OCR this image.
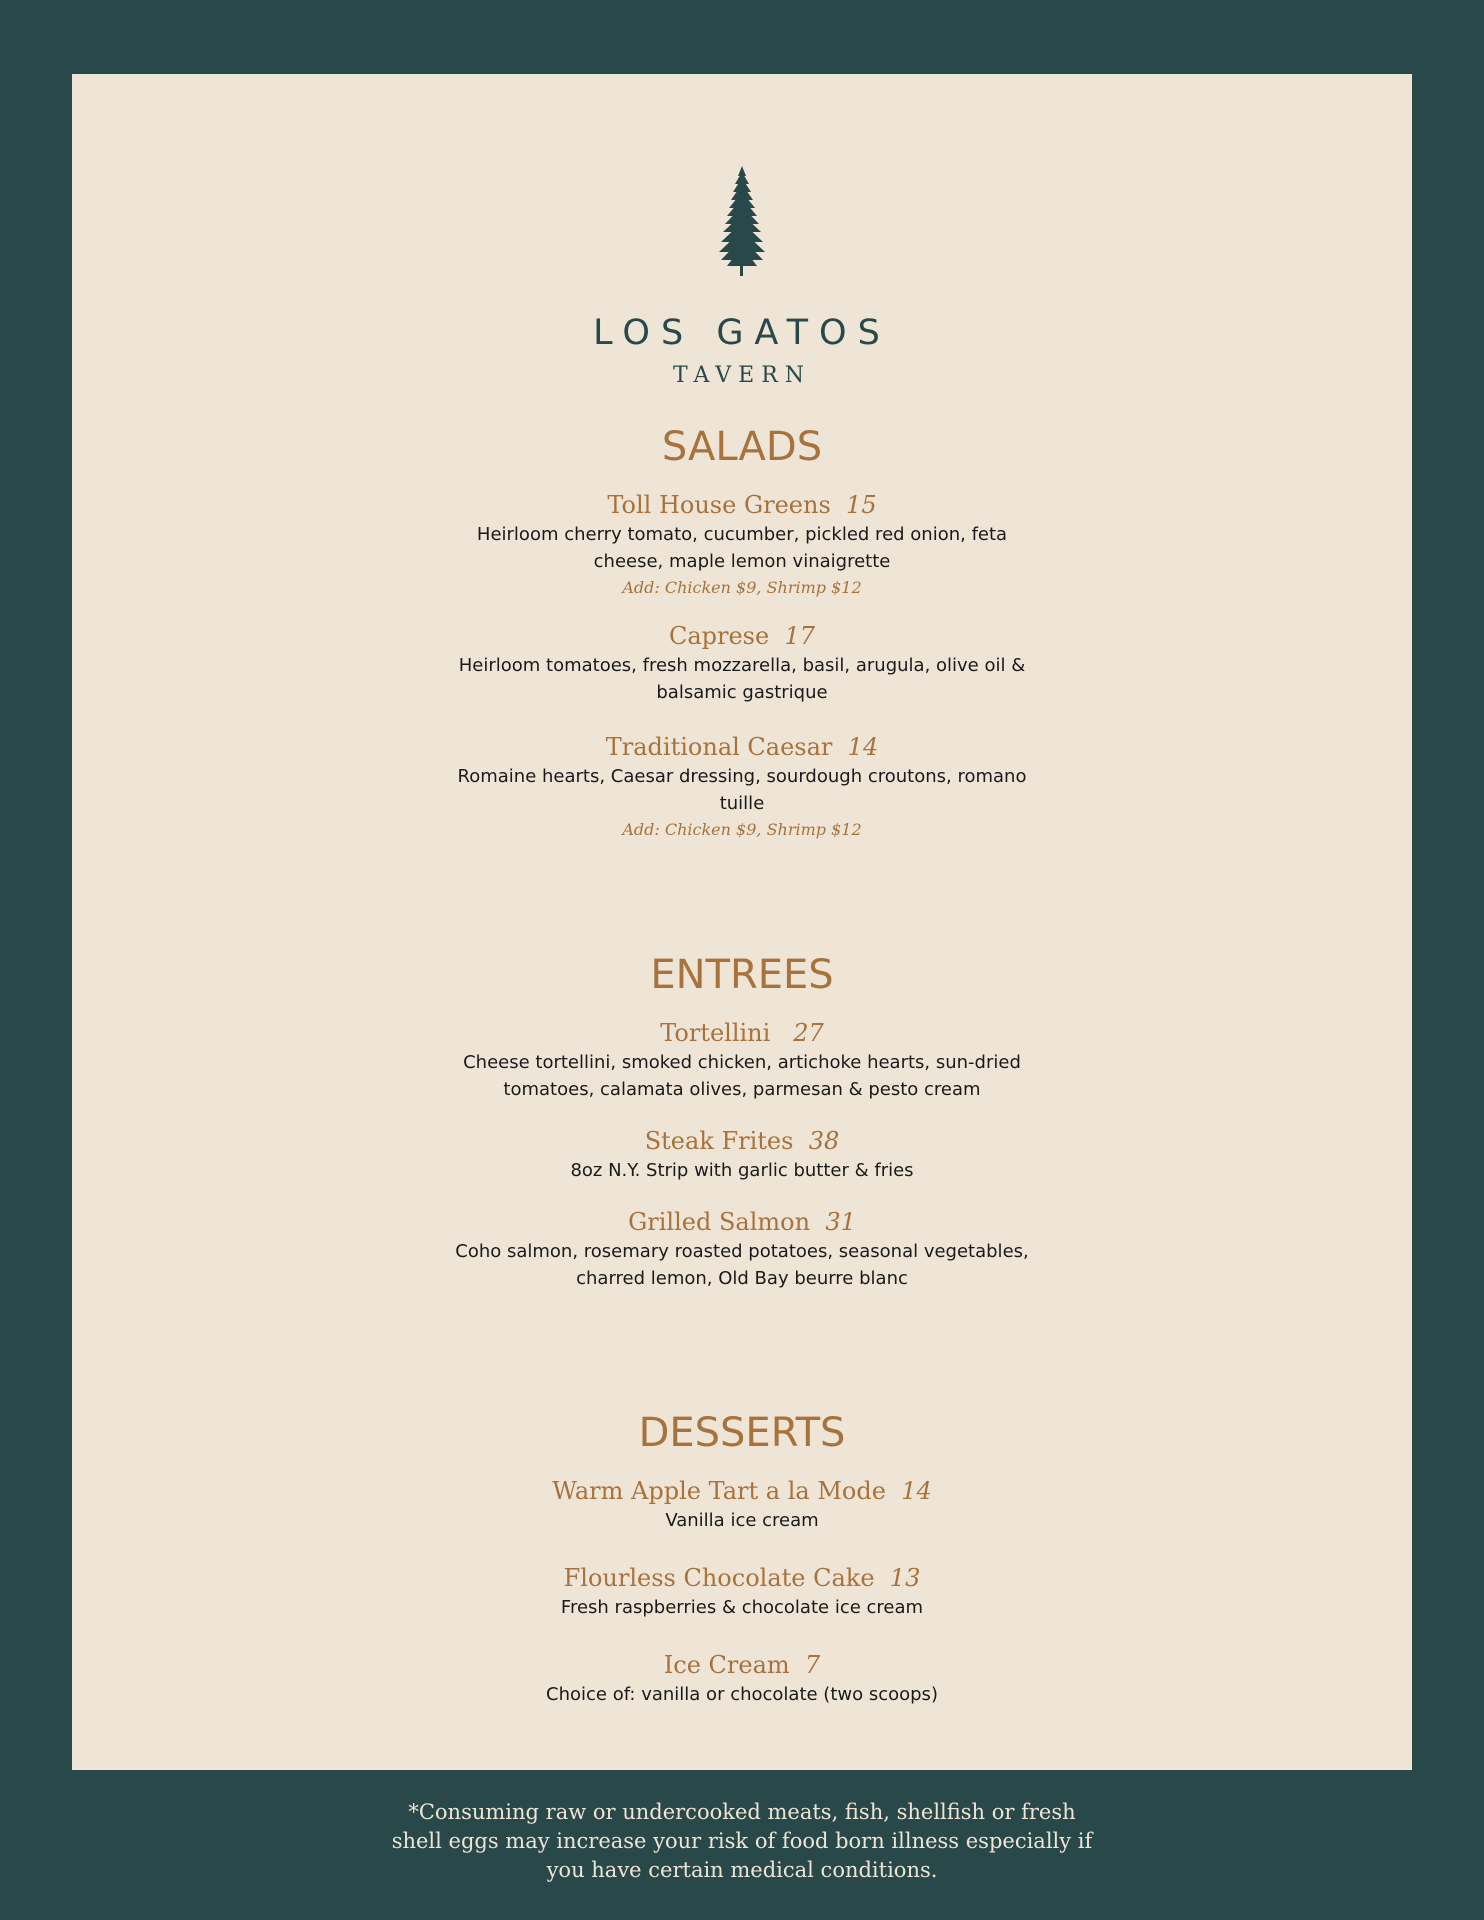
LOS GATOS
TAVERN
SALADS
Toll House Greens 15
Heirloom cherry tomato, cucumber, pickled red onion, feta cheese, maple lemon vinaigrette
Add: Chicken $9, Shrimp $12
Caprese 17
Heirloom tomatoes, fresh mozzarella, basil, arugula, olive oil & balsamic gastrique
Traditional Caesar 14
Romaine hearts, Caesar dressing, sourdough croutons, romano tuille
Add: Chicken $9, Shrimp $12
ENTREES
Tortellini 27
Cheese tortellini, smoked chicken, artichoke hearts, sun-dried tomatoes, calamata olives, parmesan & pesto cream
Steak Frites 38
8oz N.Y. Strip with garlic butter & fries
Grilled Salmon 31
Coho salmon, rosemary roasted potatoes, seasonal vegetables, charred lemon, Old Bay beurre blanc
DESSERTS
Warm Apple Tart a la Mode 14
Vanilla ice cream
Flourless Chocolate Cake 13
Fresh raspberries & chocolate ice cream
Ice Cream 7
Choice of: vanilla or chocolate (two scoops)
*Consuming raw or undercooked meats, fish, shellfish or fresh shell eggs may increase your risk of food born illness especially if you have certain medical conditions.
